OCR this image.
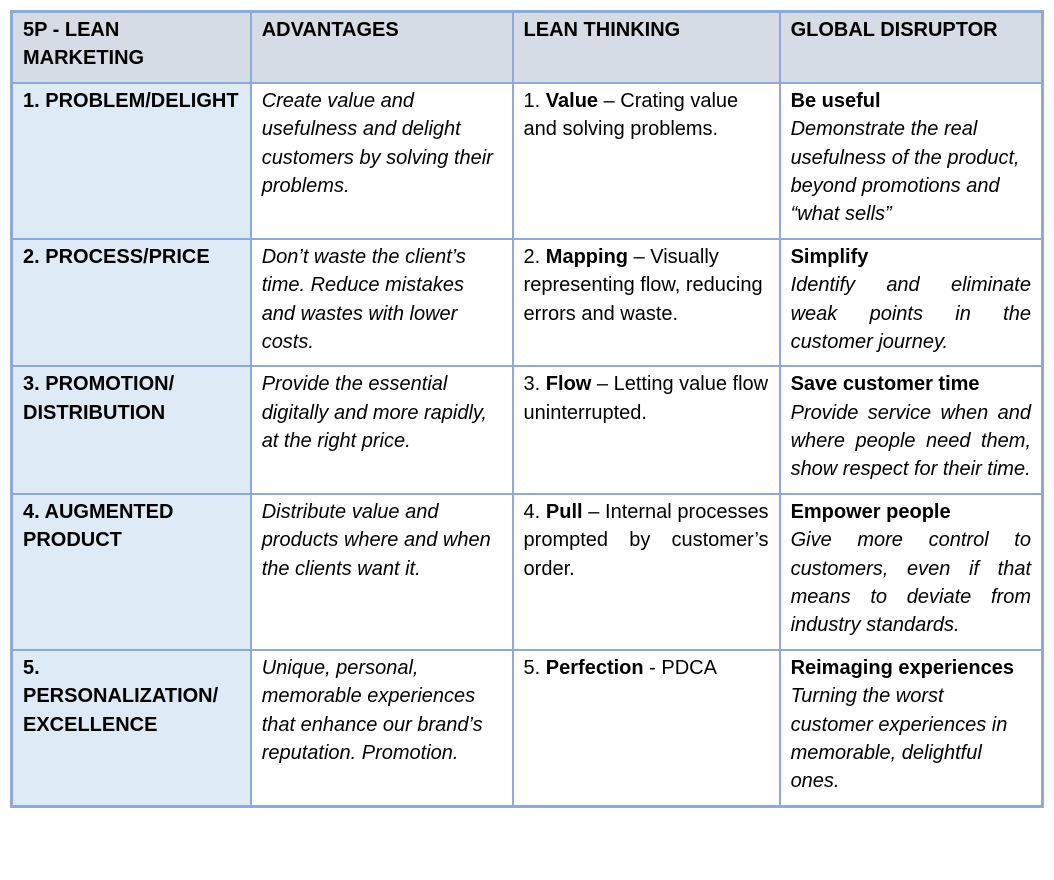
5P - LEAN MARKETING	ADVANTAGES	LEAN THINKING	GLOBAL DISRUPTOR

1. PROBLEM/DELIGHT	Create value and usefulness and delight customers by solving their problems.	1. Value – Crating value and solving problems.	Be useful
Demonstrate the real usefulness of the product, beyond promotions and “what sells”

2. PROCESS/PRICE	Don’t waste the client’s time. Reduce mistakes and wastes with lower costs.	2. Mapping – Visually representing flow, reducing errors and waste.	Simplify
Identify and eliminate weak points in the customer journey.

3. PROMOTION/ DISTRIBUTION	Provide the essential digitally and more rapidly, at the right price.	3. Flow – Letting value flow uninterrupted.	Save customer time
Provide service when and where people need them, show respect for their time.

4. AUGMENTED PRODUCT	Distribute value and products where and when the clients want it.	4. Pull – Internal processes prompted by customer’s order.	Empower people
Give more control to customers, even if that means to deviate from industry standards.

5. PERSONALIZATION/ EXCELLENCE	Unique, personal, memorable experiences that enhance our brand’s reputation. Promotion.	5. Perfection - PDCA	Reimaging experiences
Turning the worst customer experiences in memorable, delightful ones.
